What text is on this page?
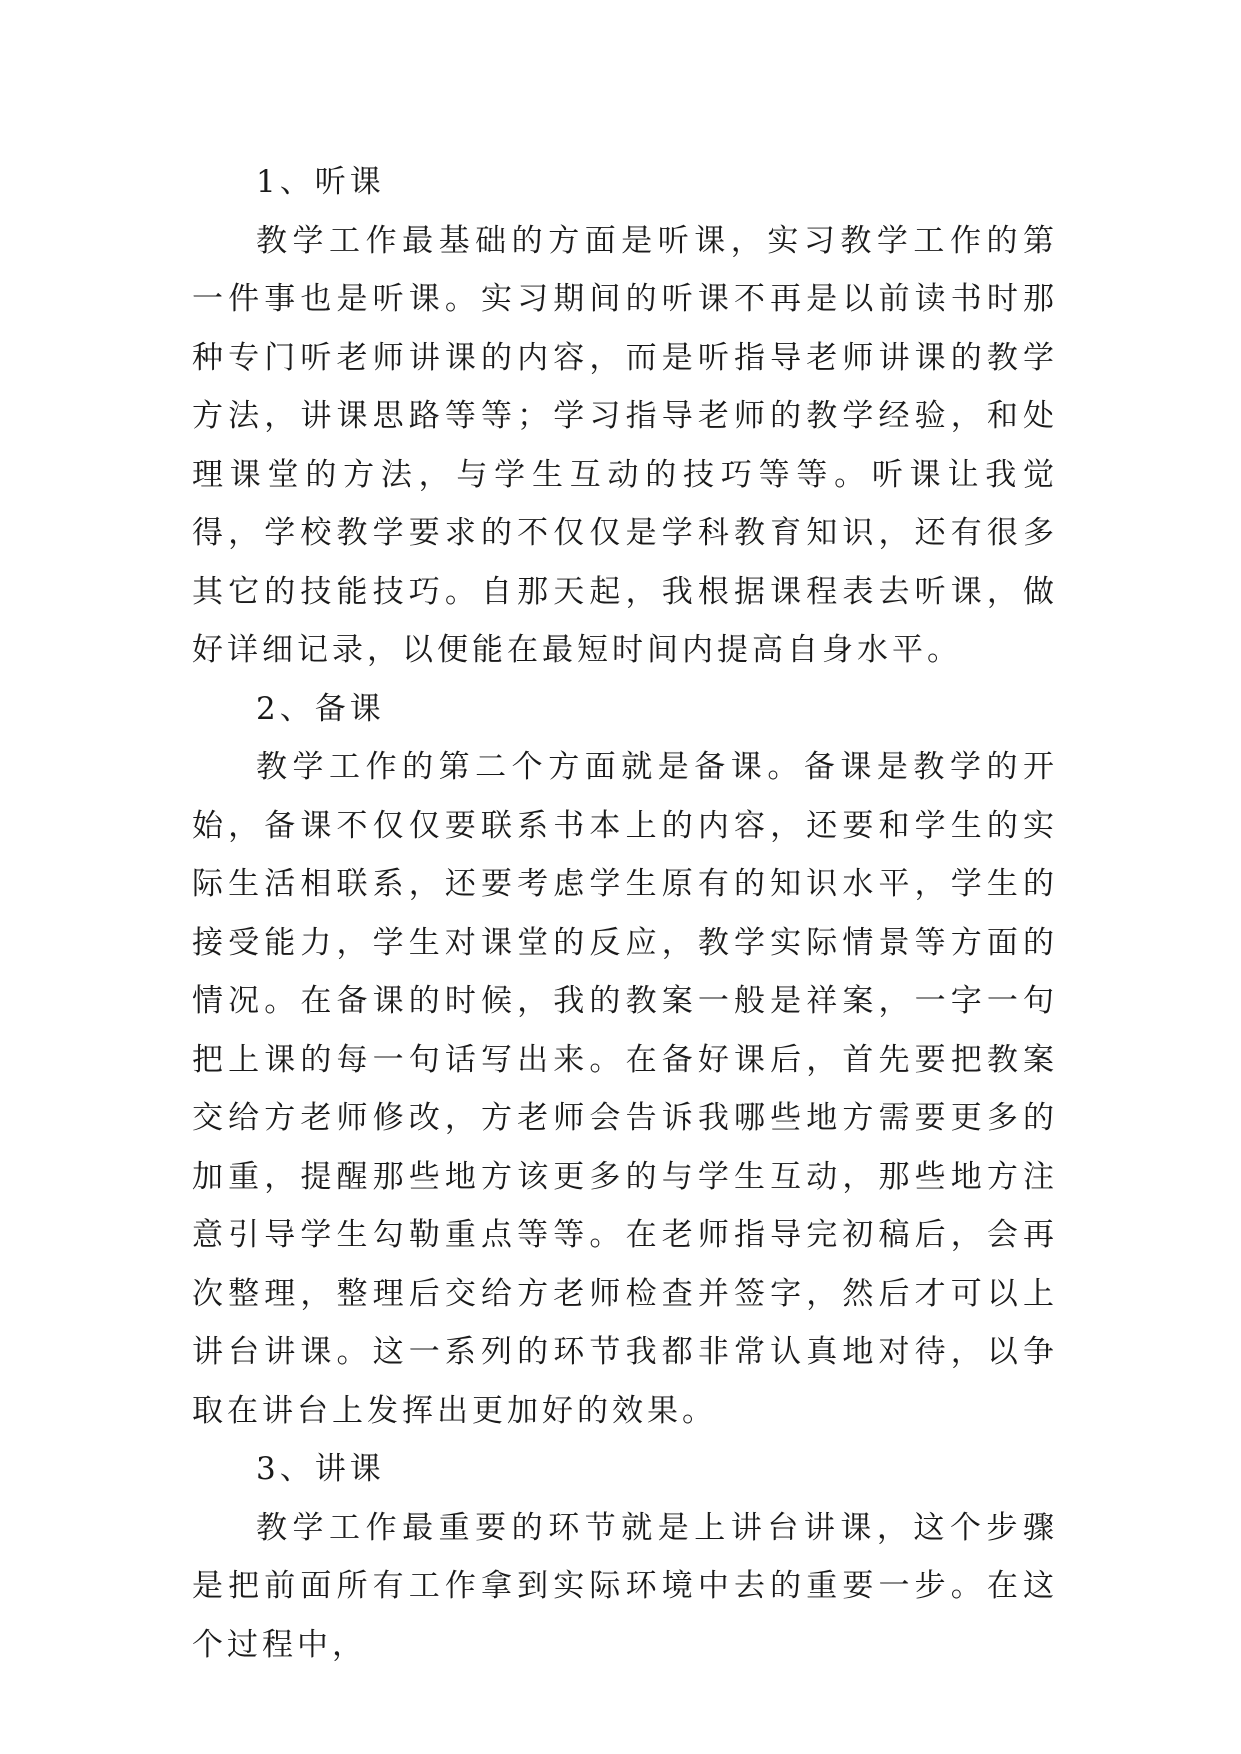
1、听课

教学工作最基础的方面是听课，实习教学工作的第一件事也是听课。实习期间的听课不再是以前读书时那种专门听老师讲课的内容，而是听指导老师讲课的教学方法，讲课思路等等；学习指导老师的教学经验，和处理课堂的方法，与学生互动的技巧等等。听课让我觉得，学校教学要求的不仅仅是学科教育知识，还有很多其它的技能技巧。自那天起，我根据课程表去听课，做好详细记录，以便能在最短时间内提高自身水平。

2、备课

教学工作的第二个方面就是备课。备课是教学的开始，备课不仅仅要联系书本上的内容，还要和学生的实际生活相联系，还要考虑学生原有的知识水平，学生的接受能力，学生对课堂的反应，教学实际情景等方面的情况。在备课的时候，我的教案一般是祥案，一字一句把上课的每一句话写出来。在备好课后，首先要把教案交给方老师修改，方老师会告诉我哪些地方需要更多的加重，提醒那些地方该更多的与学生互动，那些地方注意引导学生勾勒重点等等。在老师指导完初稿后，会再次整理，整理后交给方老师检查并签字，然后才可以上讲台讲课。这一系列的环节我都非常认真地对待，以争取在讲台上发挥出更加好的效果。

3、讲课

教学工作最重要的环节就是上讲台讲课，这个步骤是把前面所有工作拿到实际环境中去的重要一步。在这个过程中，
